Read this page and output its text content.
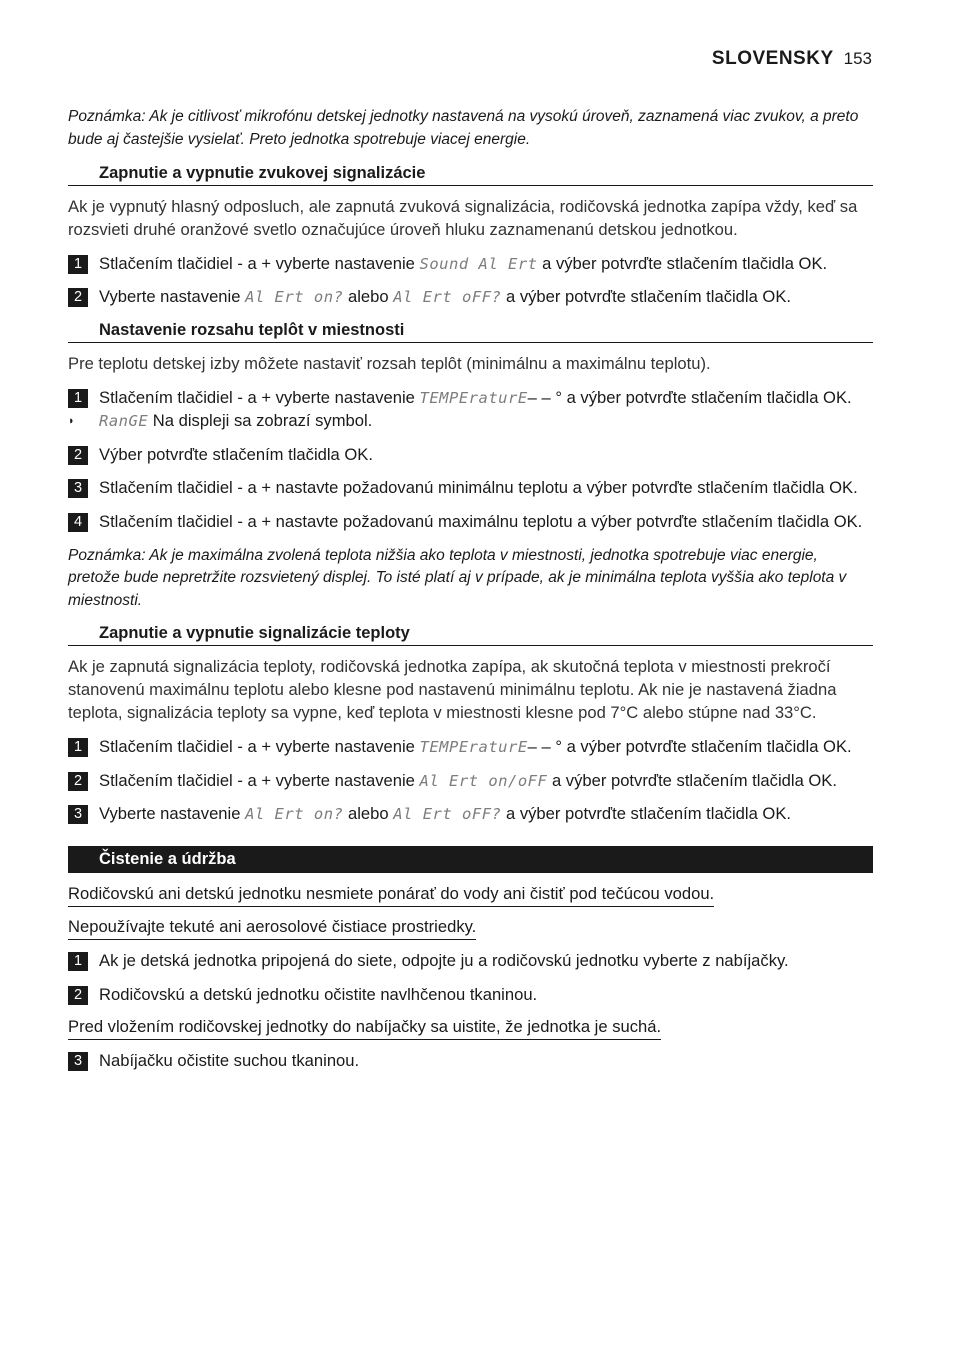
SLOVENSKY 153

Poznámka: Ak je citlivosť mikrofónu detskej jednotky nastavená na vysokú úroveň, zaznamená viac zvukov, a preto bude aj častejšie vysielať. Preto jednotka spotrebuje viacej energie.

Zapnutie a vypnutie zvukovej signalizácie

Ak je vypnutý hlasný odposluch, ale zapnutá zvuková signalizácia, rodičovská jednotka zapípa vždy, keď sa rozsvieti druhé oranžové svetlo označujúce úroveň hluku zaznamenanú detskou jednotkou.

1	Stlačením tlačidiel - a + vyberte nastavenie Sound Al Ert a výber potvrďte stlačením tlačidla OK.
2	Vyberte nastavenie Al Ert on? alebo Al Ert oFF? a výber potvrďte stlačením tlačidla OK.
Nastavenie rozsahu teplôt v miestnosti

Pre teplotu detskej izby môžete nastaviť rozsah teplôt (minimálnu a maximálnu teplotu).

1	Stlačením tlačidiel - a + vyberte nastavenie TEMPEraturE– – ° a výber potvrďte stlačením tlačidla OK.
◗ RanGE Na displeji sa zobrazí symbol.
2	Výber potvrďte stlačením tlačidla OK.
3	Stlačením tlačidiel - a + nastavte požadovanú minimálnu teplotu a výber potvrďte stlačením tlačidla OK.
4	Stlačením tlačidiel - a + nastavte požadovanú maximálnu teplotu a výber potvrďte stlačením tlačidla OK.

Poznámka: Ak je maximálna zvolená teplota nižšia ako teplota v miestnosti, jednotka spotrebuje viac energie, pretože bude nepretržite rozsvietený displej. To isté platí aj v prípade, ak je minimálna teplota vyššia ako teplota v miestnosti.

Zapnutie a vypnutie signalizácie teploty

Ak je zapnutá signalizácia teploty, rodičovská jednotka zapípa, ak skutočná teplota v miestnosti prekročí stanovenú maximálnu teplotu alebo klesne pod nastavenú minimálnu teplotu. Ak nie je nastavená žiadna teplota, signalizácia teploty sa vypne, keď teplota v miestnosti klesne pod 7°C alebo stúpne nad 33°C.

1	Stlačením tlačidiel - a + vyberte nastavenie TEMPEraturE– – ° a výber potvrďte stlačením tlačidla OK.
2	Stlačením tlačidiel - a + vyberte nastavenie Al Ert on/oFF a výber potvrďte stlačením tlačidla OK.
3	Vyberte nastavenie Al Ert on? alebo Al Ert oFF? a výber potvrďte stlačením tlačidla OK.
Čistenie a údržba
Rodičovskú ani detskú jednotku nesmiete ponárať do vody ani čistiť pod tečúcou vodou.
Nepoužívajte tekuté ani aerosolové čistiace prostriedky.
1	Ak je detská jednotka pripojená do siete, odpojte ju a rodičovskú jednotku vyberte z nabíjačky.
2	Rodičovskú a detskú jednotku očistite navlhčenou tkaninou.
Pred vložením rodičovskej jednotky do nabíjačky sa uistite, že jednotka je suchá.
3	Nabíjačku očistite suchou tkaninou.
